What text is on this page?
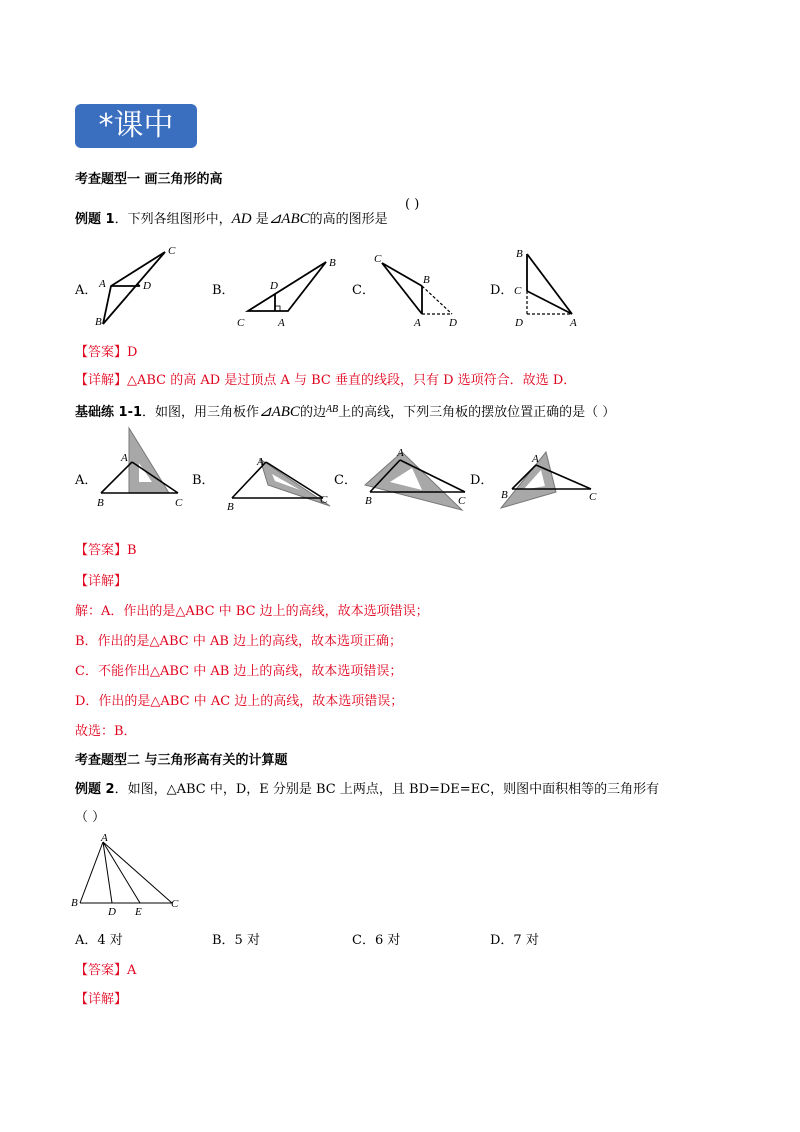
*课中
考查题型一 画三角形的高
例题 1．下列各组图形中，AD 是⊿ABC的高的图形是
( )
A．	B．	C．	D．
C
A	D
B
B
D
C	A
C
B
A	D
B
C
D	A
【答案】D
【详解】△ABC 的高 AD 是过顶点 A 与 BC 垂直的线段，只有 D 选项符合．故选 D．
基础练 1-1．如图，用三角板作⊿ABC的边$^{AB}$上的高线，下列三角板的摆放位置正确的是（ ）
A．	B．	C．	D．
A
B	C
A
B
C
A
B	C
A
B	C
【答案】B
【详解】
解：A．作出的是△ABC 中 BC 边上的高线，故本选项错误；
B．作出的是△ABC 中 AB 边上的高线，故本选项正确；
C．不能作出△ABC 中 AB 边上的高线，故本选项错误；
D．作出的是△ABC 中 AC 边上的高线，故本选项错误；
故选：B．
考查题型二 与三角形高有关的计算题
例题 2．如图，△ABC 中，D，E 分别是 BC 上两点，且 BD=DE=EC，则图中面积相等的三角形有
（ ）
A
B
D E
C
A．4 对	B．5 对	C．6 对	D．7 对
【答案】A
【详解】
